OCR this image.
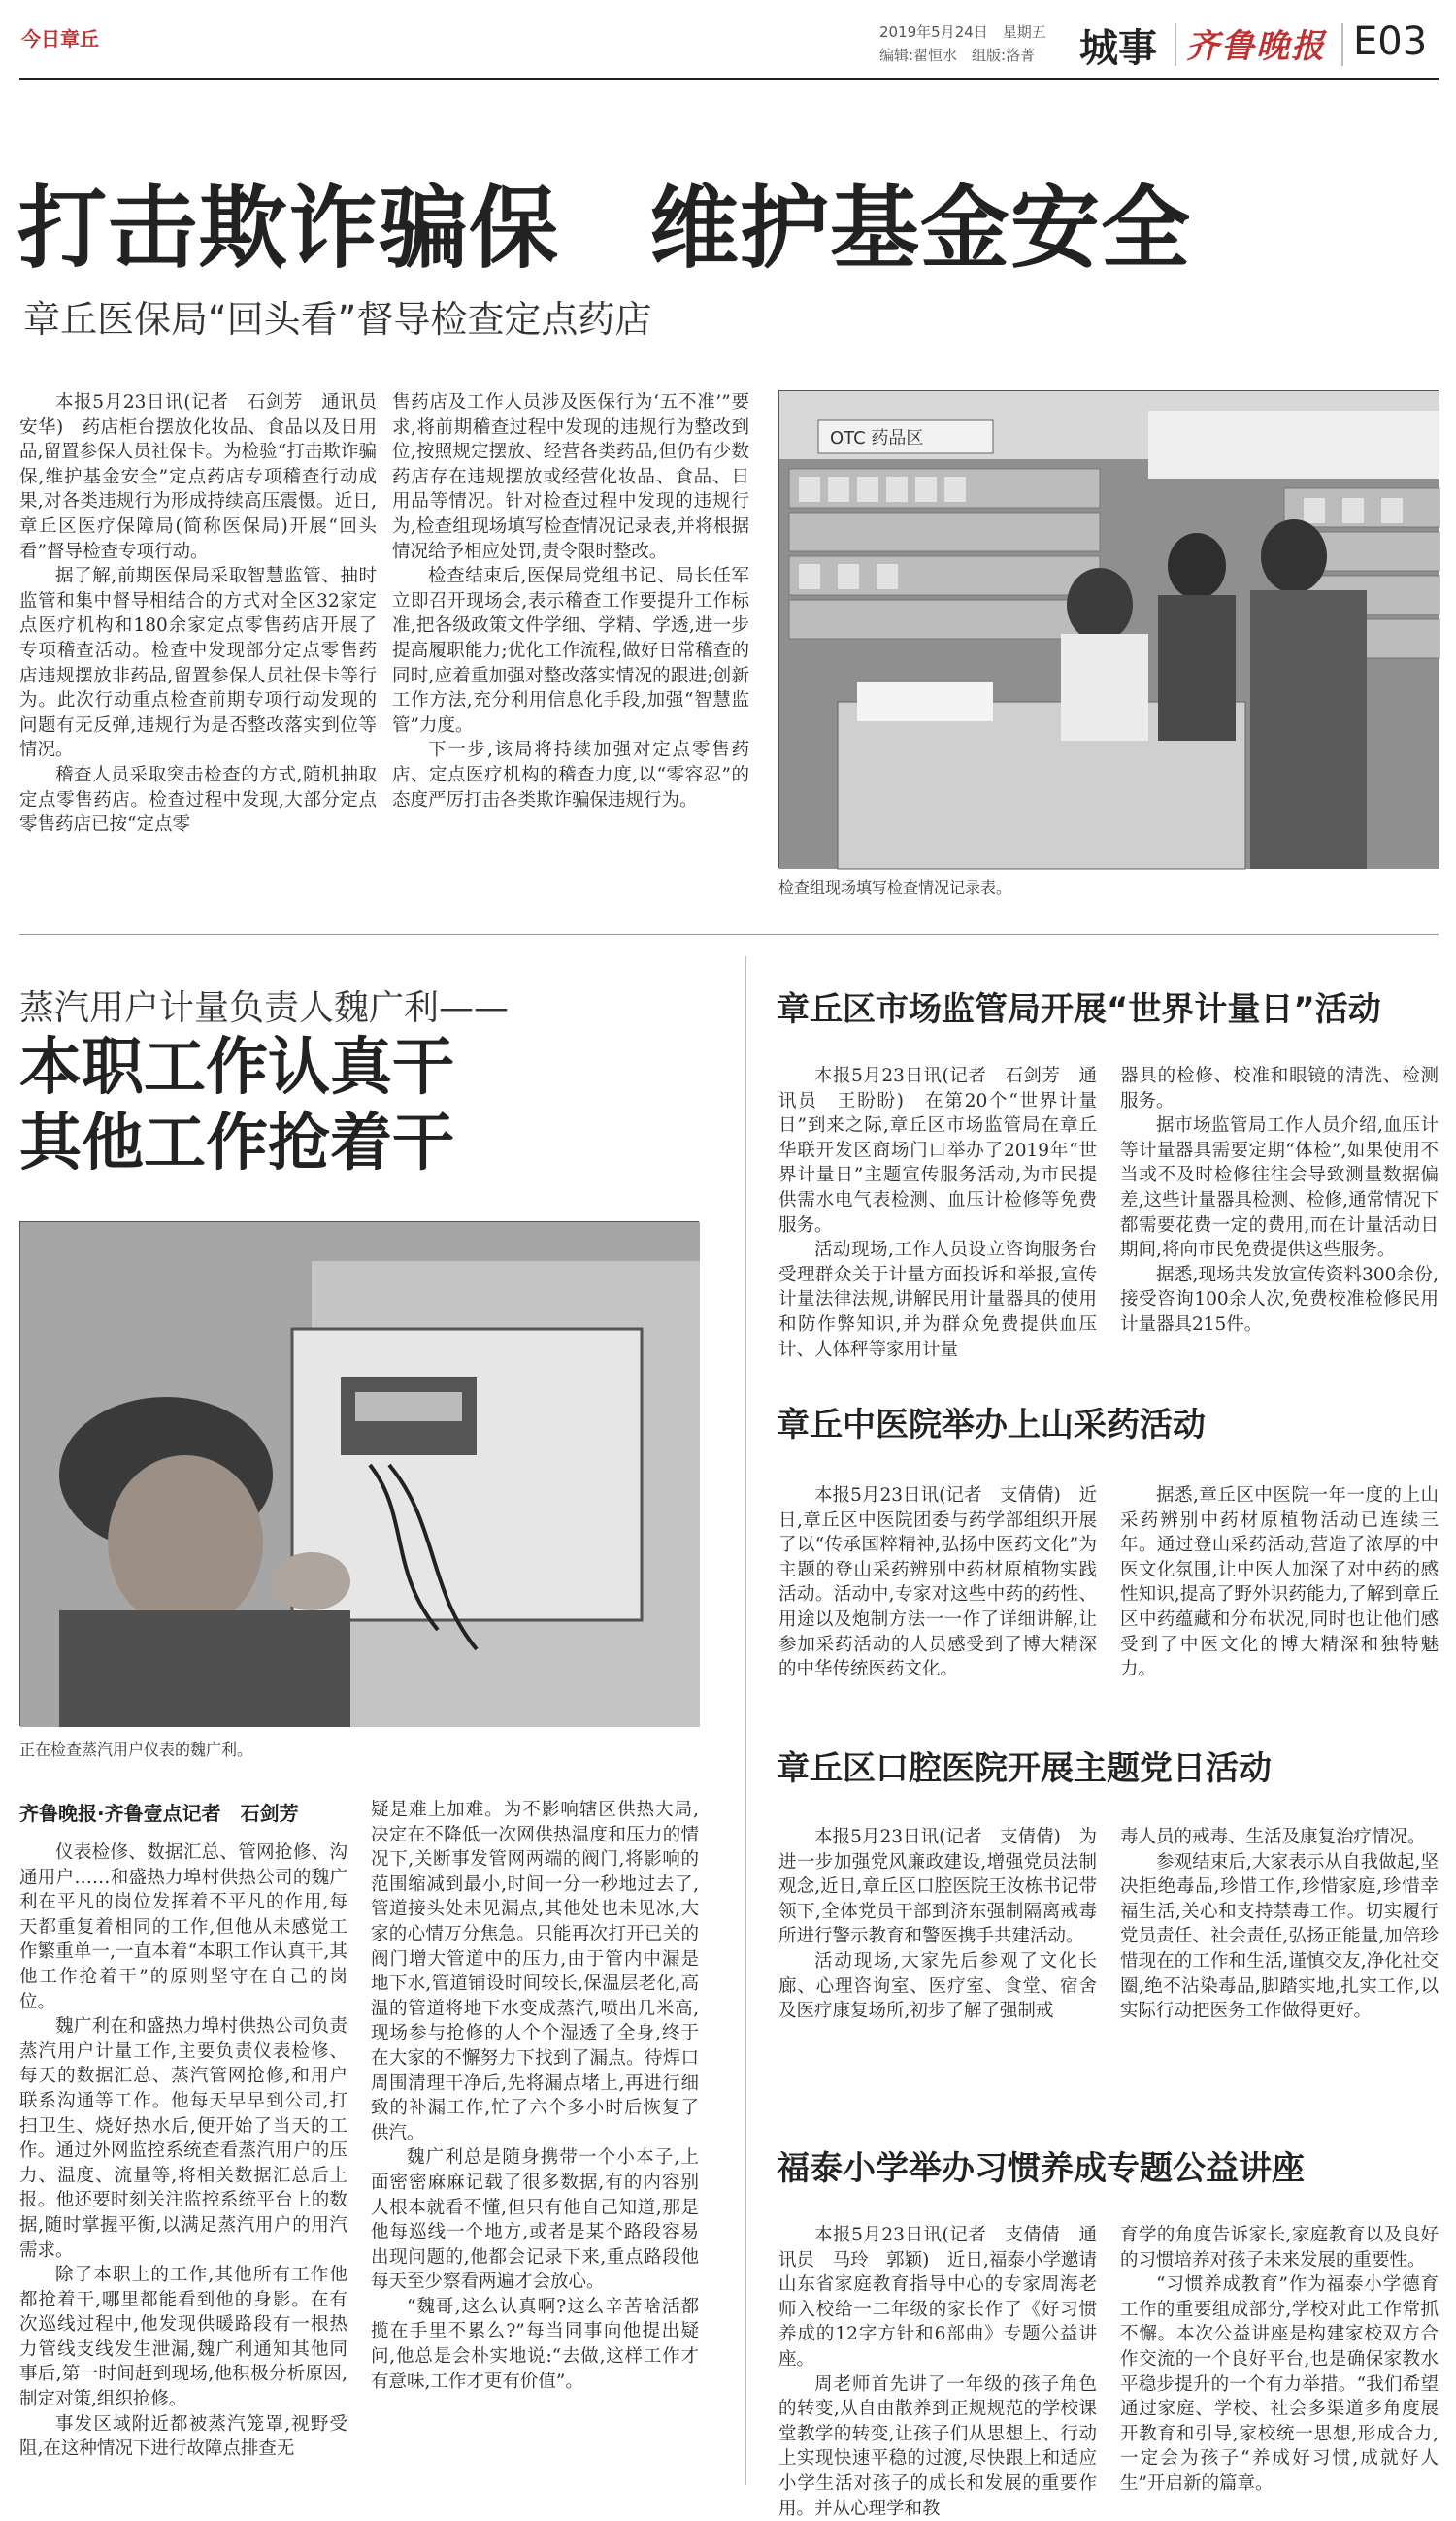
今日章丘	2019年5月24日　星期五
编辑:翟恒水　组版:洛菁 城事 齐鲁晚报 E03
打击欺诈骗保　维护基金安全
章丘医保局“回头看”督导检查定点药店

本报5月23日讯(记者　石剑芳　通讯员　安华)　药店柜台摆放化妆品、食品以及日用品,留置参保人员社保卡。为检验“打击欺诈骗保,维护基金安全”定点药店专项稽查行动成果,对各类违规行为形成持续高压震慑。近日,章丘区医疗保障局(简称医保局)开展“回头看”督导检查专项行动。

据了解,前期医保局采取智慧监管、抽时监管和集中督导相结合的方式对全区32家定点医疗机构和180余家定点零售药店开展了专项稽查活动。检查中发现部分定点零售药店违规摆放非药品,留置参保人员社保卡等行为。此次行动重点检查前期专项行动发现的问题有无反弹,违规行为是否整改落实到位等情况。

稽查人员采取突击检查的方式,随机抽取定点零售药店。检查过程中发现,大部分定点零售药店已按“定点零

售药店及工作人员涉及医保行为‘五不准’”要求,将前期稽查过程中发现的违规行为整改到位,按照规定摆放、经营各类药品,但仍有少数药店存在违规摆放或经营化妆品、食品、日用品等情况。针对检查过程中发现的违规行为,检查组现场填写检查情况记录表,并将根据情况给予相应处罚,责令限时整改。

检查结束后,医保局党组书记、局长任军立即召开现场会,表示稽查工作要提升工作标准,把各级政策文件学细、学精、学透,进一步提高履职能力;优化工作流程,做好日常稽查的同时,应着重加强对整改落实情况的跟进;创新工作方法,充分利用信息化手段,加强“智慧监管”力度。

下一步,该局将持续加强对定点零售药店、定点医疗机构的稽查力度,以“零容忍”的态度严厉打击各类欺诈骗保违规行为。

OTC 药品区
检查组现场填写检查情况记录表。
蒸汽用户计量负责人魏广利——
本职工作认真干
其他工作抢着干
正在检查蒸汽用户仪表的魏广利。
齐鲁晚报·齐鲁壹点记者　石剑芳

仪表检修、数据汇总、管网抢修、沟通用户……和盛热力埠村供热公司的魏广利在平凡的岗位发挥着不平凡的作用,每天都重复着相同的工作,但他从未感觉工作繁重单一,一直本着“本职工作认真干,其他工作抢着干”的原则坚守在自己的岗位。

魏广利在和盛热力埠村供热公司负责蒸汽用户计量工作,主要负责仪表检修、每天的数据汇总、蒸汽管网抢修,和用户联系沟通等工作。他每天早早到公司,打扫卫生、烧好热水后,便开始了当天的工作。通过外网监控系统查看蒸汽用户的压力、温度、流量等,将相关数据汇总后上报。他还要时刻关注监控系统平台上的数据,随时掌握平衡,以满足蒸汽用户的用汽需求。

除了本职上的工作,其他所有工作他都抢着干,哪里都能看到他的身影。在有次巡线过程中,他发现供暖路段有一根热力管线支线发生泄漏,魏广利通知其他同事后,第一时间赶到现场,他积极分析原因,制定对策,组织抢修。

事发区域附近都被蒸汽笼罩,视野受阻,在这种情况下进行故障点排查无

疑是难上加难。为不影响辖区供热大局,决定在不降低一次网供热温度和压力的情况下,关断事发管网两端的阀门,将影响的范围缩减到最小,时间一分一秒地过去了,管道接头处未见漏点,其他处也未见冰,大家的心情万分焦急。只能再次打开已关的阀门增大管道中的压力,由于管内中漏是地下水,管道铺设时间较长,保温层老化,高温的管道将地下水变成蒸汽,喷出几米高,现场参与抢修的人个个湿透了全身,终于在大家的不懈努力下找到了漏点。待焊口周围清理干净后,先将漏点堵上,再进行细致的补漏工作,忙了六个多小时后恢复了供汽。

魏广利总是随身携带一个小本子,上面密密麻麻记载了很多数据,有的内容别人根本就看不懂,但只有他自己知道,那是他每巡线一个地方,或者是某个路段容易出现问题的,他都会记录下来,重点路段他每天至少察看两遍才会放心。

“魏哥,这么认真啊?这么辛苦啥活都揽在手里不累么?”每当同事向他提出疑问,他总是会朴实地说:“去做,这样工作才有意味,工作才更有价值”。

章丘区市场监管局开展“世界计量日”活动

本报5月23日讯(记者　石剑芳　通讯员　王盼盼)　在第20个“世界计量日”到来之际,章丘区市场监管局在章丘华联开发区商场门口举办了2019年“世界计量日”主题宣传服务活动,为市民提供需水电气表检测、血压计检修等免费服务。

活动现场,工作人员设立咨询服务台受理群众关于计量方面投诉和举报,宣传计量法律法规,讲解民用计量器具的使用和防作弊知识,并为群众免费提供血压计、人体秤等家用计量

器具的检修、校准和眼镜的清洗、检测服务。

据市场监管局工作人员介绍,血压计等计量器具需要定期“体检”,如果使用不当或不及时检修往往会导致测量数据偏差,这些计量器具检测、检修,通常情况下都需要花费一定的费用,而在计量活动日期间,将向市民免费提供这些服务。

据悉,现场共发放宣传资料300余份,接受咨询100余人次,免费校准检修民用计量器具215件。

章丘中医院举办上山采药活动

本报5月23日讯(记者　支倩倩)　近日,章丘区中医院团委与药学部组织开展了以“传承国粹精神,弘扬中医药文化”为主题的登山采药辨别中药材原植物实践活动。活动中,专家对这些中药的药性、用途以及炮制方法一一作了详细讲解,让参加采药活动的人员感受到了博大精深的中华传统医药文化。

据悉,章丘区中医院一年一度的上山采药辨别中药材原植物活动已连续三年。通过登山采药活动,营造了浓厚的中医文化氛围,让中医人加深了对中药的感性知识,提高了野外识药能力,了解到章丘区中药蕴藏和分布状况,同时也让他们感受到了中医文化的博大精深和独特魅力。

章丘区口腔医院开展主题党日活动

本报5月23日讯(记者　支倩倩)　为进一步加强党风廉政建设,增强党员法制观念,近日,章丘区口腔医院王汝栋书记带领下,全体党员干部到济东强制隔离戒毒所进行警示教育和警医携手共建活动。

活动现场,大家先后参观了文化长廊、心理咨询室、医疗室、食堂、宿舍及医疗康复场所,初步了解了强制戒

毒人员的戒毒、生活及康复治疗情况。

参观结束后,大家表示从自我做起,坚决拒绝毒品,珍惜工作,珍惜家庭,珍惜幸福生活,关心和支持禁毒工作。切实履行党员责任、社会责任,弘扬正能量,加倍珍惜现在的工作和生活,谨慎交友,净化社交圈,绝不沾染毒品,脚踏实地,扎实工作,以实际行动把医务工作做得更好。

福泰小学举办习惯养成专题公益讲座

本报5月23日讯(记者　支倩倩　通讯员　马玲　郭颖)　近日,福泰小学邀请山东省家庭教育指导中心的专家周海老师入校给一二年级的家长作了《好习惯养成的12字方针和6部曲》专题公益讲座。

周老师首先讲了一年级的孩子角色的转变,从自由散养到正规规范的学校课堂教学的转变,让孩子们从思想上、行动上实现快速平稳的过渡,尽快跟上和适应小学生活对孩子的成长和发展的重要作用。并从心理学和教

育学的角度告诉家长,家庭教育以及良好的习惯培养对孩子未来发展的重要性。

“习惯养成教育”作为福泰小学德育工作的重要组成部分,学校对此工作常抓不懈。本次公益讲座是构建家校双方合作交流的一个良好平台,也是确保家教水平稳步提升的一个有力举措。“我们希望通过家庭、学校、社会多渠道多角度展开教育和引导,家校统一思想,形成合力,一定会为孩子“养成好习惯,成就好人生”开启新的篇章。
